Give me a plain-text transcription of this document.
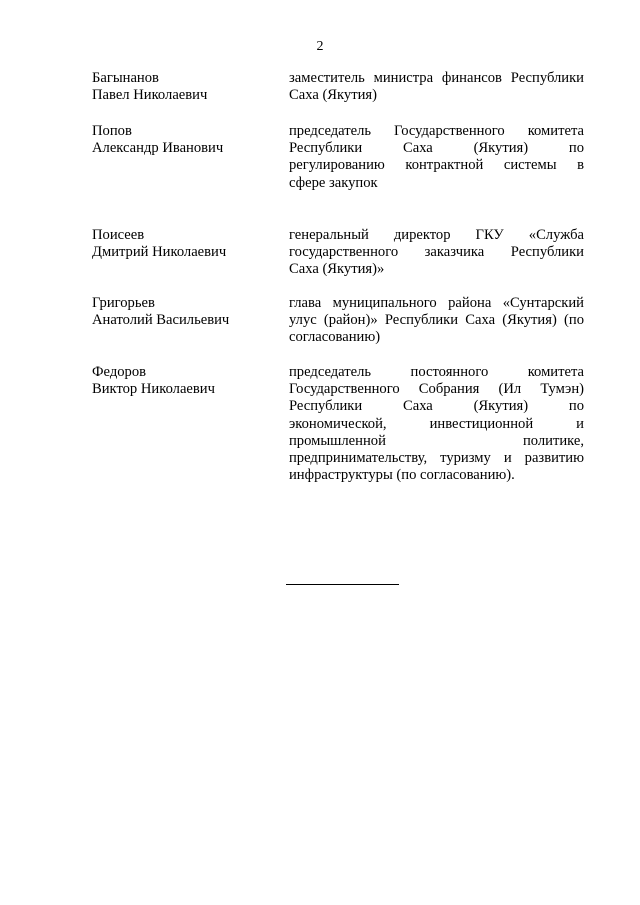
2
Багынанов
Павел Николаевич
заместитель министра финансов Республики
Саха (Якутия)
Попов
Александр Иванович
председатель Государственного комитета
Республики Саха (Якутия) по
регулированию контрактной системы в
сфере закупок
Поисеев
Дмитрий Николаевич
генеральный директор ГКУ «Служба
государственного заказчика Республики
Саха (Якутия)»
Григорьев
Анатолий Васильевич
глава муниципального района «Сунтарский
улус (район)» Республики Саха (Якутия) (по
согласованию)
Федоров
Виктор Николаевич
председатель постоянного комитета
Государственного Собрания (Ил Тумэн)
Республики Саха (Якутия) по
экономической, инвестиционной и
промышленной политике,
предпринимательству, туризму и развитию
инфраструктуры (по согласованию).
